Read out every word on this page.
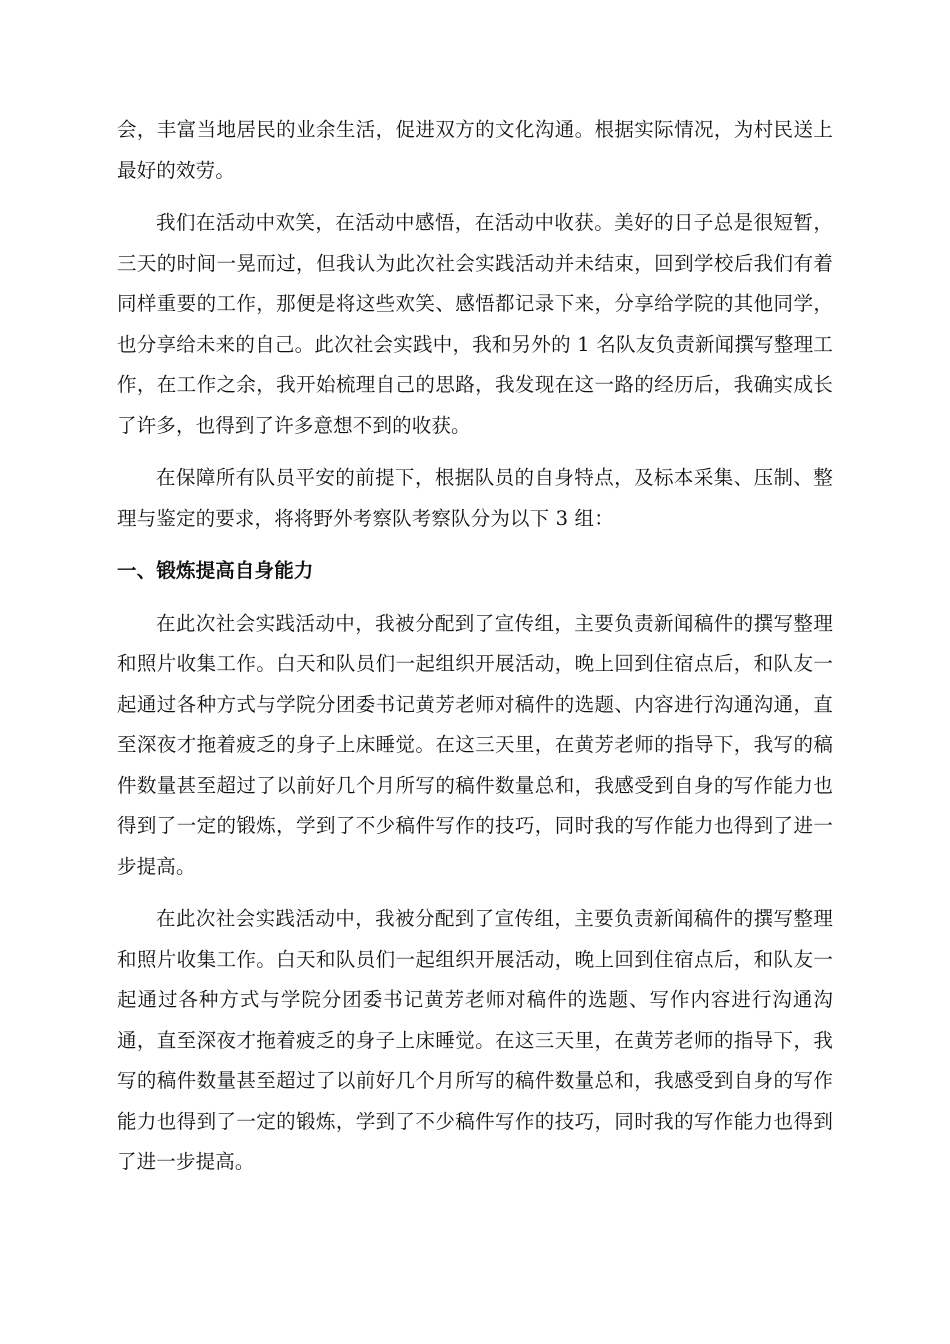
会，丰富当地居民的业余生活，促进双方的文化沟通。根据实际情况，为村民送上最好的效劳。

我们在活动中欢笑，在活动中感悟，在活动中收获。美好的日子总是很短暂，三天的时间一晃而过，但我认为此次社会实践活动并未结束，回到学校后我们有着同样重要的工作，那便是将这些欢笑、感悟都记录下来，分享给学院的其他同学，也分享给未来的自己。此次社会实践中，我和另外的 1 名队友负责新闻撰写整理工作，在工作之余，我开始梳理自己的思路，我发现在这一路的经历后，我确实成长了许多，也得到了许多意想不到的收获。

在保障所有队员平安的前提下，根据队员的自身特点，及标本采集、压制、整理与鉴定的要求，将将野外考察队考察队分为以下 3 组：

一、锻炼提高自身能力

在此次社会实践活动中，我被分配到了宣传组，主要负责新闻稿件的撰写整理和照片收集工作。白天和队员们一起组织开展活动，晚上回到住宿点后，和队友一起通过各种方式与学院分团委书记黄芳老师对稿件的选题、内容进行沟通沟通，直至深夜才拖着疲乏的身子上床睡觉。在这三天里，在黄芳老师的指导下，我写的稿件数量甚至超过了以前好几个月所写的稿件数量总和，我感受到自身的写作能力也得到了一定的锻炼，学到了不少稿件写作的技巧，同时我的写作能力也得到了进一步提高。

在此次社会实践活动中，我被分配到了宣传组，主要负责新闻稿件的撰写整理和照片收集工作。白天和队员们一起组织开展活动，晚上回到住宿点后，和队友一起通过各种方式与学院分团委书记黄芳老师对稿件的选题、写作内容进行沟通沟通，直至深夜才拖着疲乏的身子上床睡觉。在这三天里，在黄芳老师的指导下，我写的稿件数量甚至超过了以前好几个月所写的稿件数量总和，我感受到自身的写作能力也得到了一定的锻炼，学到了不少稿件写作的技巧，同时我的写作能力也得到了进一步提高。
